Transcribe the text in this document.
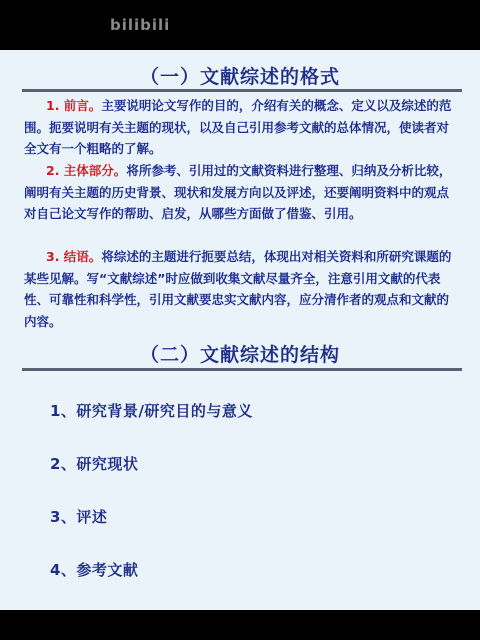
bilibili
（一）文献综述的格式
1. 前言。主要说明论文写作的目的，介绍有关的概念、定义以及综述的范围。扼要说明有关主题的现状，以及自己引用参考文献的总体情况，使读者对全文有一个粗略的了解。
2. 主体部分。将所参考、引用过的文献资料进行整理、归纳及分析比较，阐明有关主题的历史背景、现状和发展方向以及评述，还要阐明资料中的观点对自己论文写作的帮助、启发，从哪些方面做了借鉴、引用。
3. 结语。将综述的主题进行扼要总结，体现出对相关资料和所研究课题的某些见解。写“文献综述”时应做到收集文献尽量齐全，注意引用文献的代表性、可靠性和科学性，引用文献要忠实文献内容，应分清作者的观点和文献的内容。
（二）文献综述的结构
1、研究背景/研究目的与意义
2、研究现状
3、评述
4、参考文献
